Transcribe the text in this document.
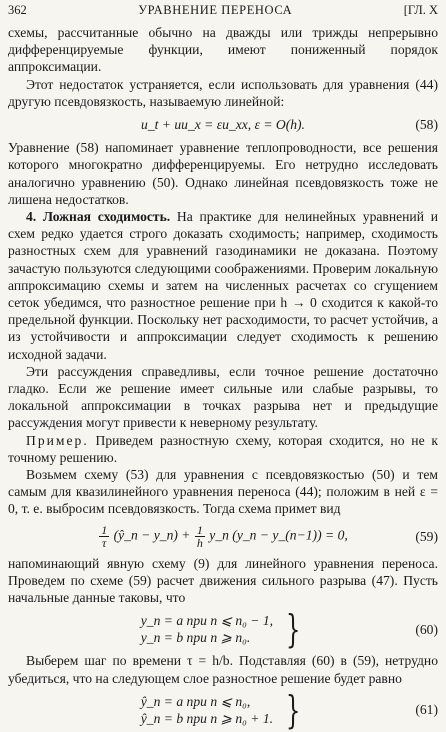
362	УРАВНЕНИЕ ПЕРЕНОСА	[ГЛ. X

схемы, рассчитанные обычно на дважды или трижды непрерывно дифференцируемые функции, имеют пониженный порядок аппроксимации.

Этот недостаток устраняется, если использовать для уравнения (44) другую псевдовязкость, называемую линейной:

u_t + uu_x = εu_xx, ε = O(h).	(58)

Уравнение (58) напоминает уравнение теплопроводности, все решения которого многократно дифференцируемы. Его нетрудно исследовать аналогично уравнению (50). Однако линейная псевдовязкость тоже не лишена недостатков.

4. Ложная сходимость. На практике для нелинейных уравнений и схем редко удается строго доказать сходимость; например, сходимость разностных схем для уравнений газодинамики не доказана. Поэтому зачастую пользуются следующими соображениями. Проверим локальную аппроксимацию схемы и затем на численных расчетах со сгущением сеток убедимся, что разностное решение при h → 0 сходится к какой-то предельной функции. Поскольку нет расходимости, то расчет устойчив, а из устойчивости и аппроксимации следует сходимость к решению исходной задачи.

Эти рассуждения справедливы, если точное решение достаточно гладко. Если же решение имеет сильные или слабые разрывы, то локальной аппроксимации в точках разрыва нет и предыдущие рассуждения могут привести к неверному результату.

Пример. Приведем разностную схему, которая сходится, но не к точному решению.

Возьмем схему (53) для уравнения с псевдовязкостью (50) и тем самым для квазилинейного уравнения переноса (44); положим в ней ε = 0, т. е. выбросим псевдовязкость. Тогда схема примет вид

$\frac{1}{\tau}$ (ŷ_n − y_n) + $\frac{1}{h}$ y_n (y_n − y_(n−1)) = 0,	(59)

напоминающий явную схему (9) для линейного уравнения переноса. Проведем по схеме (59) расчет движения сильного разрыва (47). Пусть начальные данные таковы, что

y_n = a при n ⩽ n₀ − 1,
y_n = b при n ⩾ n₀. }	(60)

Выберем шаг по времени τ = h/b. Подставляя (60) в (59), нетрудно убедиться, что на следующем слое разностное решение будет равно

ŷ_n = a при n ⩽ n₀,
ŷ_n = b при n ⩾ n₀ + 1. }	(61)
